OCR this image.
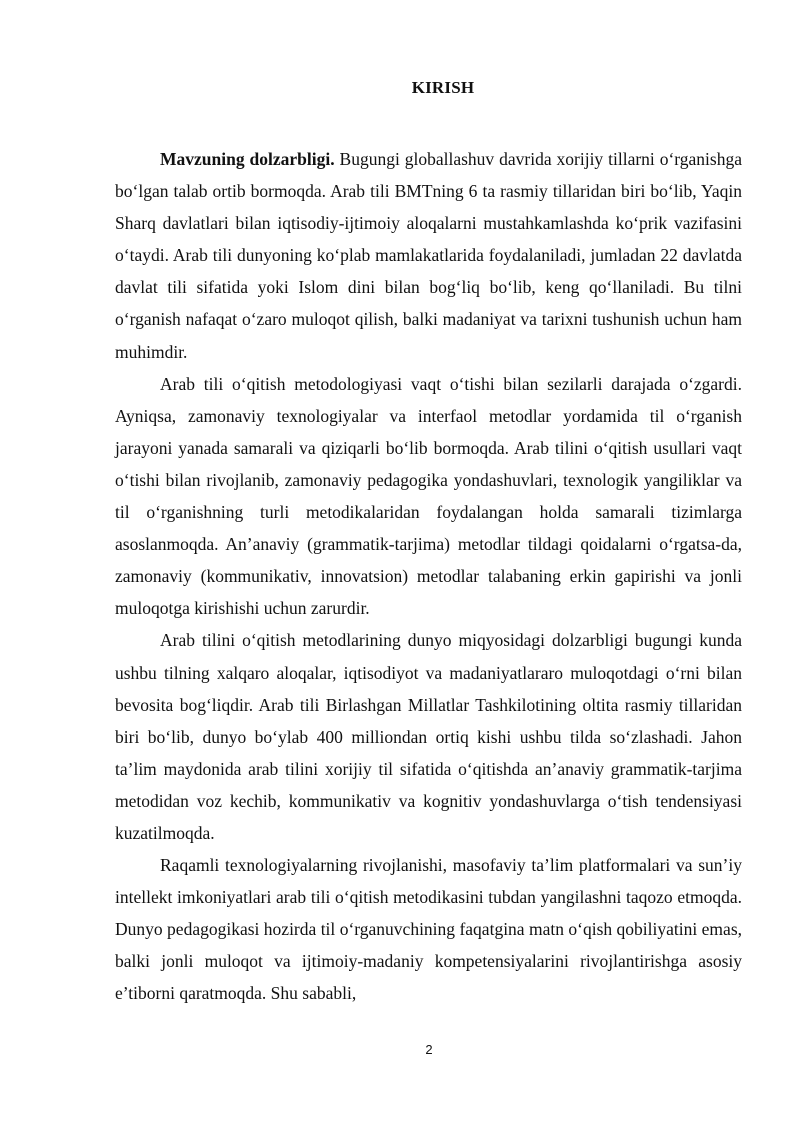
KIRISH

Mavzuning dolzarbligi. Bugungi globallashuv davrida xorijiy tillarni o‘rganishga bo‘lgan talab ortib bormoqda. Arab tili BMTning 6 ta rasmiy tillaridan biri bo‘lib, Yaqin Sharq davlatlari bilan iqtisodiy-ijtimoiy aloqalarni mustahkamlashda ko‘prik vazifasini o‘taydi. Arab tili dunyoning ko‘plab mamlakatlarida foydalaniladi, jumladan 22 davlatda davlat tili sifatida yoki Islom dini bilan bog‘liq bo‘lib, keng qo‘llaniladi. Bu tilni o‘rganish nafaqat o‘zaro muloqot qilish, balki madaniyat va tarixni tushunish uchun ham muhimdir.

Arab tili o‘qitish metodologiyasi vaqt o‘tishi bilan sezilarli darajada o‘zgardi. Ayniqsa, zamonaviy texnologiyalar va interfaol metodlar yordamida til o‘rganish jarayoni yanada samarali va qiziqarli bo‘lib bormoqda. Arab tilini o‘qitish usullari vaqt o‘tishi bilan rivojlanib, zamonaviy pedagogika yondashuvlari, texnologik yangiliklar va til o‘rganishning turli metodikalaridan foydalangan holda samarali tizimlarga asoslanmoqda. An’anaviy (grammatik-tarjima) metodlar tildagi qoidalarni o‘rgatsa-da, zamonaviy (kommunikativ, innovatsion) metodlar talabaning erkin gapirishi va jonli muloqotga kirishishi uchun zarurdir.

Arab tilini o‘qitish metodlarining dunyo miqyosidagi dolzarbligi bugungi kunda ushbu tilning xalqaro aloqalar, iqtisodiyot va madaniyatlararo muloqotdagi o‘rni bilan bevosita bog‘liqdir. Arab tili Birlashgan Millatlar Tashkilotining oltita rasmiy tillaridan biri bo‘lib, dunyo bo‘ylab 400 milliondan ortiq kishi ushbu tilda so‘zlashadi. Jahon ta’lim maydonida arab tilini xorijiy til sifatida o‘qitishda an’anaviy grammatik-tarjima metodidan voz kechib, kommunikativ va kognitiv yondashuvlarga o‘tish tendensiyasi kuzatilmoqda.

Raqamli texnologiyalarning rivojlanishi, masofaviy ta’lim platformalari va sun’iy intellekt imkoniyatlari arab tili o‘qitish metodikasini tubdan yangilashni taqozo etmoqda. Dunyo pedagogikasi hozirda til o‘rganuvchining faqatgina matn o‘qish qobiliyatini emas, balki jonli muloqot va ijtimoiy-madaniy kompetensiyalarini rivojlantirishga asosiy e’tiborni qaratmoqda. Shu sababli,

2
